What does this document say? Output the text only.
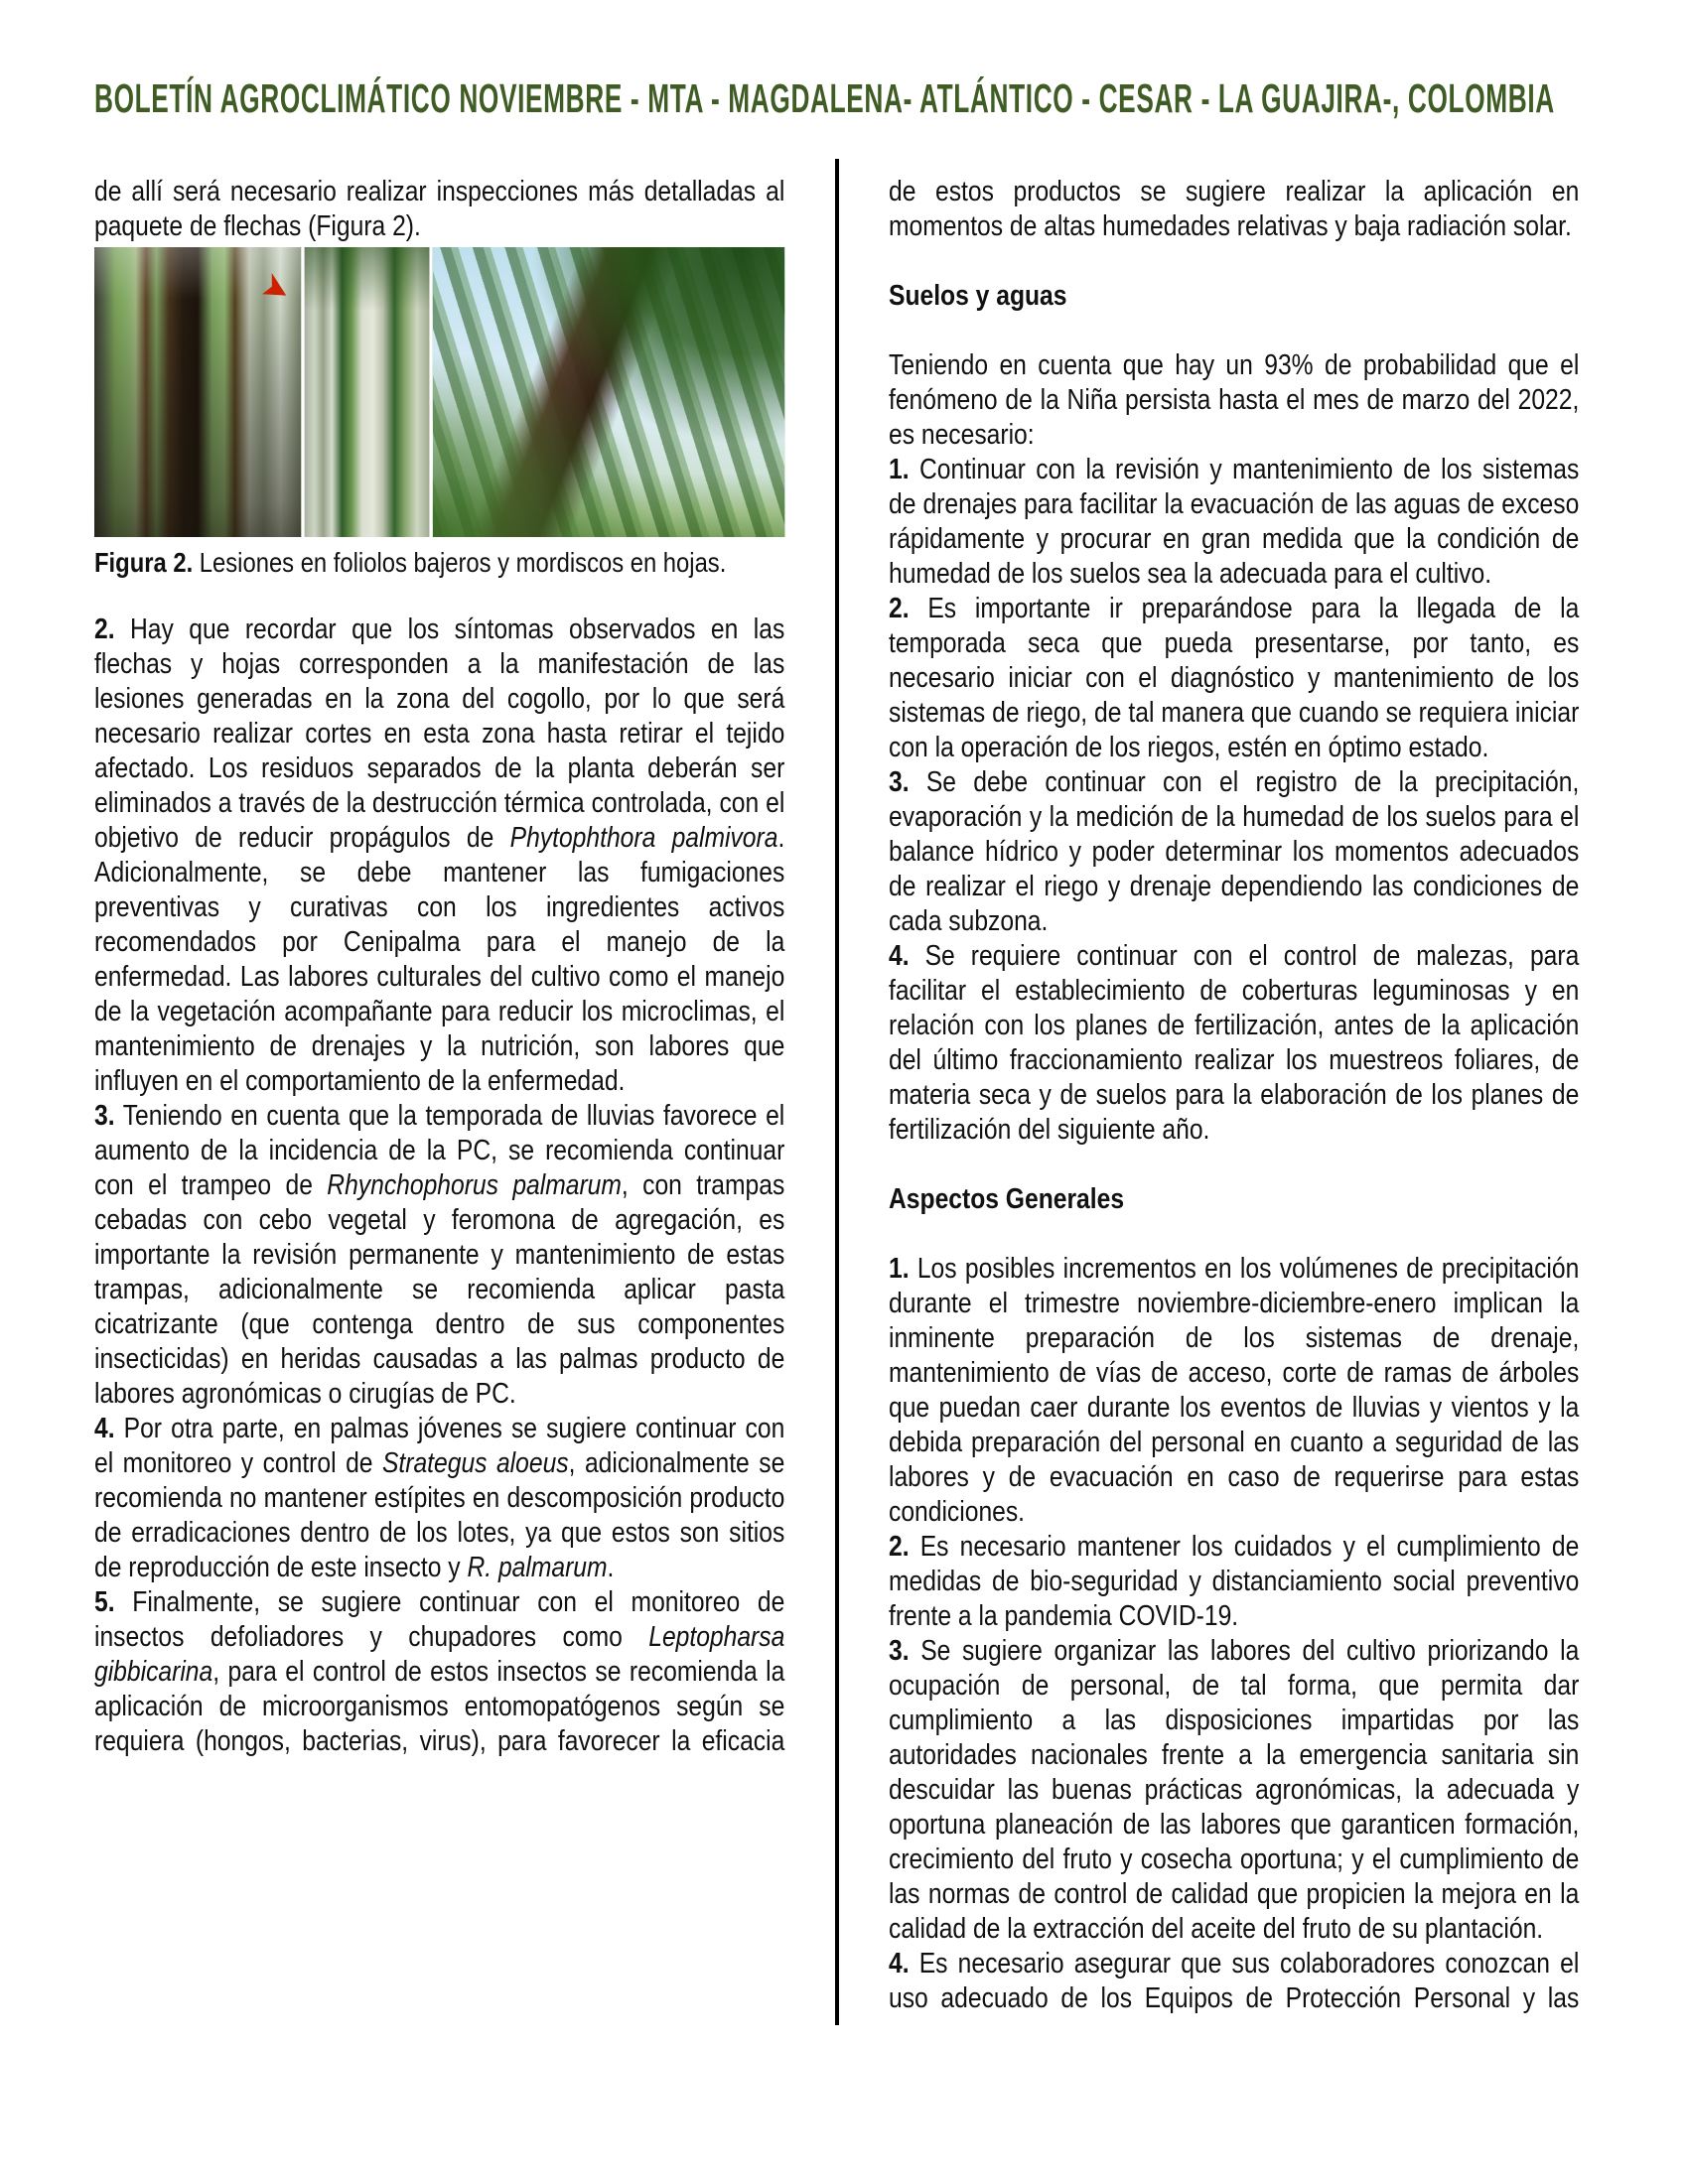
BOLETÍN AGROCLIMÁTICO NOVIEMBRE - MTA - MAGDALENA- ATLÁNTICO - CESAR - LA GUAJIRA-, COLOMBIA

de allí será necesario realizar inspecciones más detalladas al paquete de flechas (Figura 2).

➤
Figura 2. Lesiones en foliolos bajeros y mordiscos en hojas.

2. Hay que recordar que los síntomas observados en las flechas y hojas corresponden a la manifestación de las lesiones generadas en la zona del cogollo, por lo que será necesario realizar cortes en esta zona hasta retirar el tejido afectado. Los residuos separados de la planta deberán ser eliminados a través de la destrucción térmica controlada, con el objetivo de reducir propágulos de Phytophthora palmivora. Adicionalmente, se debe mantener las fumigaciones preventivas y curativas con los ingredientes activos recomendados por Cenipalma para el manejo de la enfermedad. Las labores culturales del cultivo como el manejo de la vegetación acompañante para reducir los microclimas, el mantenimiento de drenajes y la nutrición, son labores que influyen en el comportamiento de la enfermedad.

3. Teniendo en cuenta que la temporada de lluvias favorece el aumento de la incidencia de la PC, se recomienda continuar con el trampeo de Rhynchophorus palmarum, con trampas cebadas con cebo vegetal y feromona de agregación, es importante la revisión permanente y mantenimiento de estas trampas, adicionalmente se recomienda aplicar pasta cicatrizante (que contenga dentro de sus componentes insecticidas) en heridas causadas a las palmas producto de labores agronómicas o cirugías de PC.

4. Por otra parte, en palmas jóvenes se sugiere continuar con el monitoreo y control de Strategus aloeus, adicionalmente se recomienda no mantener estípites en descomposición producto de erradicaciones dentro de los lotes, ya que estos son sitios de reproducción de este insecto y R. palmarum.

5. Finalmente, se sugiere continuar con el monitoreo de insectos defoliadores y chupadores como Leptopharsa gibbicarina, para el control de estos insectos se recomienda la aplicación de microorganismos entomopatógenos según se requiera (hongos, bacterias, virus), para favorecer la eficacia

de estos productos se sugiere realizar la aplicación en momentos de altas humedades relativas y baja radiación solar.

Suelos y aguas

Teniendo en cuenta que hay un 93% de probabilidad que el fenómeno de la Niña persista hasta el mes de marzo del 2022, es necesario:

1. Continuar con la revisión y mantenimiento de los sistemas de drenajes para facilitar la evacuación de las aguas de exceso rápidamente y procurar en gran medida que la condición de humedad de los suelos sea la adecuada para el cultivo.

2. Es importante ir preparándose para la llegada de la temporada seca que pueda presentarse, por tanto, es necesario iniciar con el diagnóstico y mantenimiento de los sistemas de riego, de tal manera que cuando se requiera iniciar con la operación de los riegos, estén en óptimo estado.

3. Se debe continuar con el registro de la precipitación, evaporación y la medición de la humedad de los suelos para el balance hídrico y poder determinar los momentos adecuados de realizar el riego y drenaje dependiendo las condiciones de cada subzona.

4. Se requiere continuar con el control de malezas, para facilitar el establecimiento de coberturas leguminosas y en relación con los planes de fertilización, antes de la aplicación del último fraccionamiento realizar los muestreos foliares, de materia seca y de suelos para la elaboración de los planes de fertilización del siguiente año.

Aspectos Generales

1. Los posibles incrementos en los volúmenes de precipitación durante el trimestre noviembre-diciembre-enero implican la inminente preparación de los sistemas de drenaje, mantenimiento de vías de acceso, corte de ramas de árboles que puedan caer durante los eventos de lluvias y vientos y la debida preparación del personal en cuanto a seguridad de las labores y de evacuación en caso de requerirse para estas condiciones.

2. Es necesario mantener los cuidados y el cumplimiento de medidas de bio-seguridad y distanciamiento social preventivo frente a la pandemia COVID-19.

3. Se sugiere organizar las labores del cultivo priorizando la ocupación de personal, de tal forma, que permita dar cumplimiento a las disposiciones impartidas por las autoridades nacionales frente a la emergencia sanitaria sin descuidar las buenas prácticas agronómicas, la adecuada y oportuna planeación de las labores que garanticen formación, crecimiento del fruto y cosecha oportuna; y el cumplimiento de las normas de control de calidad que propicien la mejora en la calidad de la extracción del aceite del fruto de su plantación.

4. Es necesario asegurar que sus colaboradores conozcan el uso adecuado de los Equipos de Protección Personal y las
